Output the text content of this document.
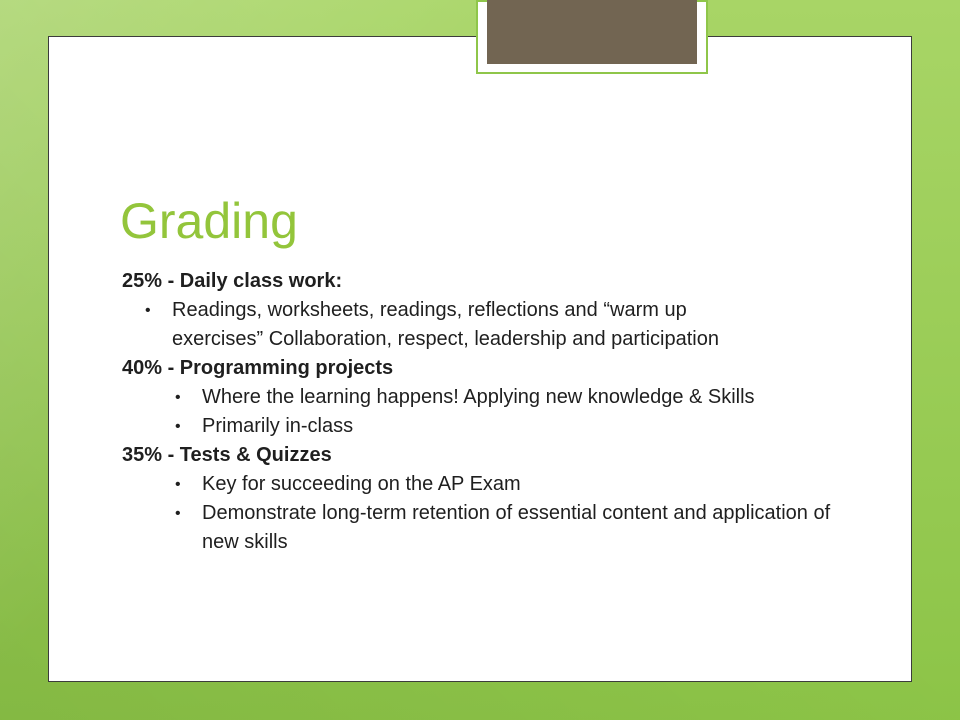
Grading

25% - Daily class work:

• Readings, worksheets, readings, reflections and “warm up exercises” Collaboration, respect, leadership and participation

40% - Programming projects

• Where the learning happens! Applying new knowledge & Skills
• Primarily in-class

35% - Tests & Quizzes

• Key for succeeding on the AP Exam
• Demonstrate long-term retention of essential content and application of new skills
